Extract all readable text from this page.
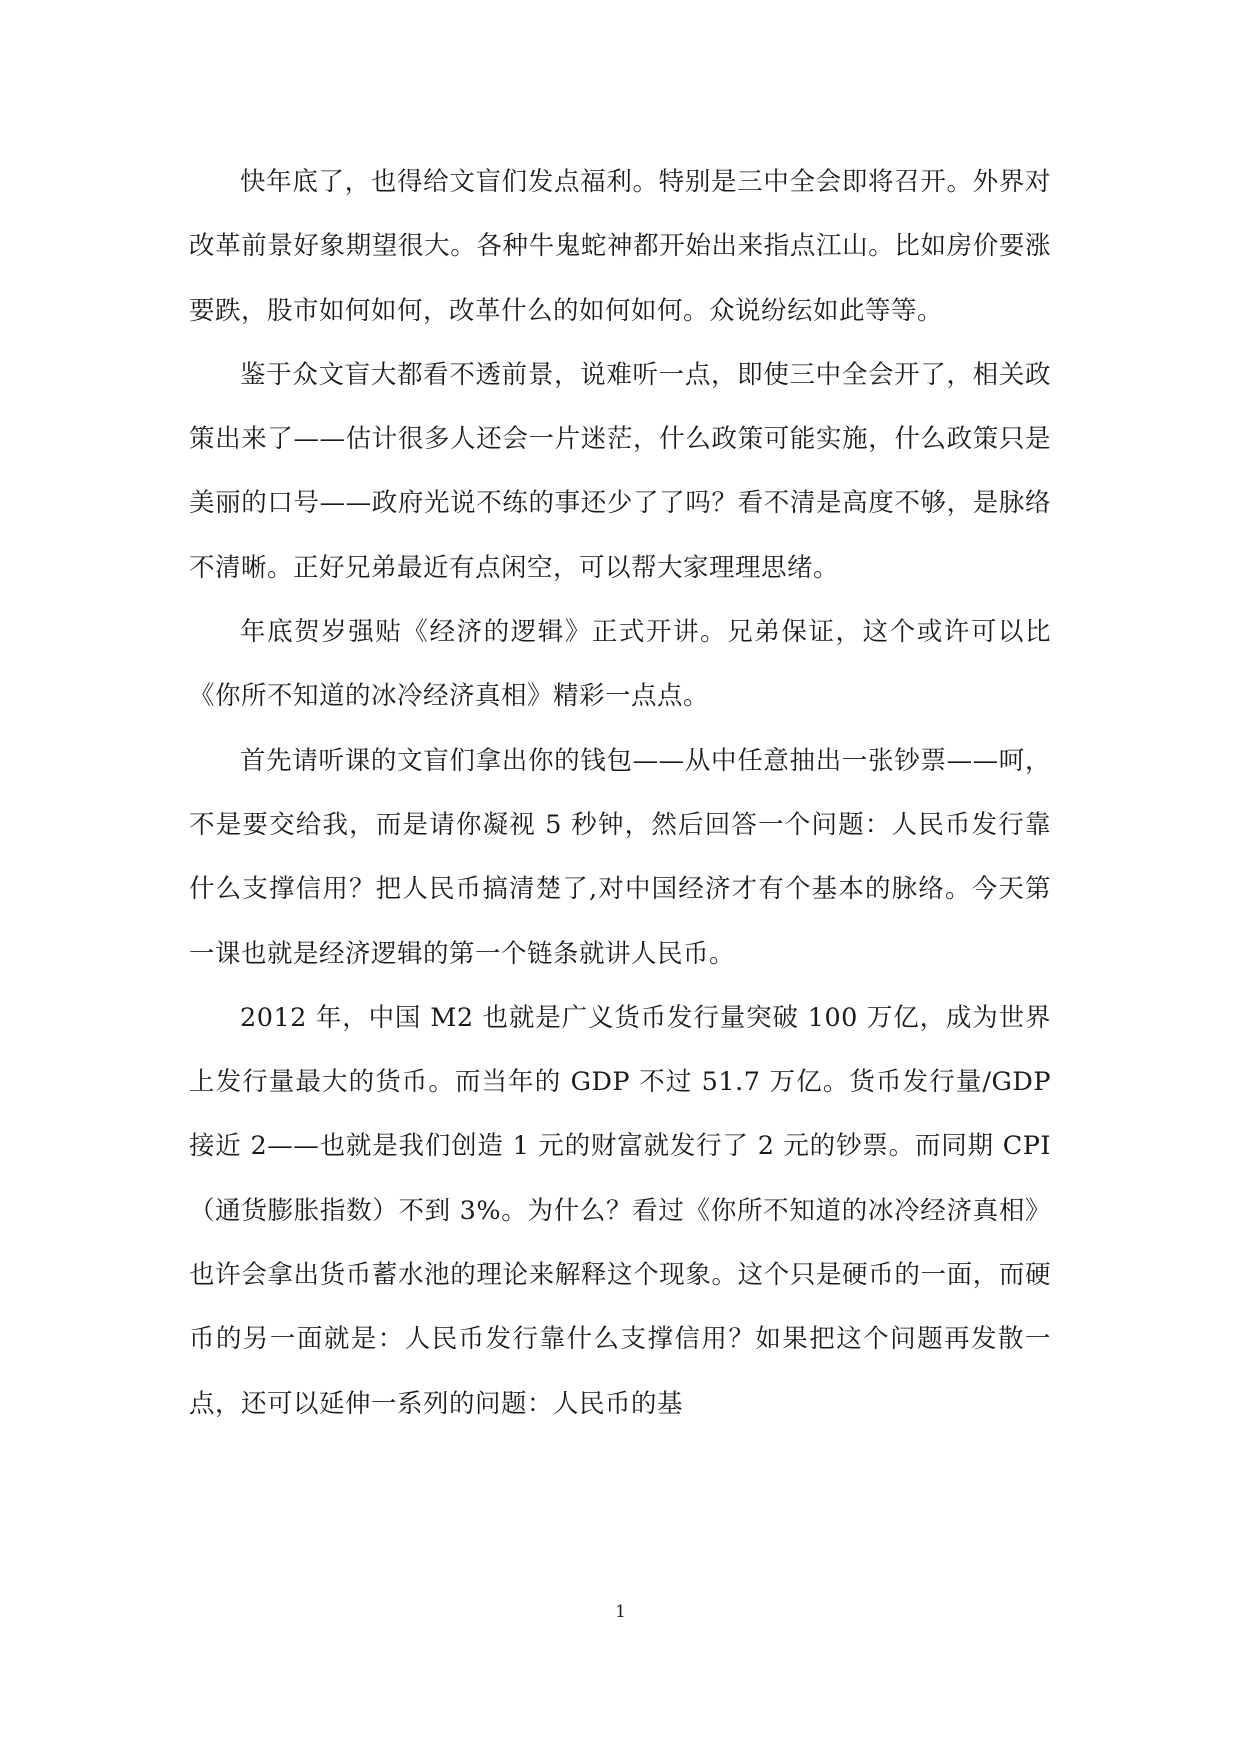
快年底了，也得给文盲们发点福利。特别是三中全会即将召开。外界对改革前景好象期望很大。各种牛鬼蛇神都开始出来指点江山。比如房价要涨要跌，股市如何如何，改革什么的如何如何。众说纷纭如此等等。

鉴于众文盲大都看不透前景，说难听一点，即使三中全会开了，相关政策出来了——估计很多人还会一片迷茫，什么政策可能实施，什么政策只是美丽的口号——政府光说不练的事还少了了吗？看不清是高度不够，是脉络不清晰。正好兄弟最近有点闲空，可以帮大家理理思绪。

年底贺岁强贴《经济的逻辑》正式开讲。兄弟保证，这个或许可以比《你所不知道的冰冷经济真相》精彩一点点。

首先请听课的文盲们拿出你的钱包——从中任意抽出一张钞票——呵，不是要交给我，而是请你凝视 5 秒钟，然后回答一个问题：人民币发行靠什么支撑信用？把人民币搞清楚了,对中国经济才有个基本的脉络。今天第一课也就是经济逻辑的第一个链条就讲人民币。

2012 年，中国 M2 也就是广义货币发行量突破 100 万亿，成为世界上发行量最大的货币。而当年的 GDP 不过 51.7 万亿。货币发行量/GDP 接近 2——也就是我们创造 1 元的财富就发行了 2 元的钞票。而同期 CPI（通货膨胀指数）不到 3%。为什么？看过《你所不知道的冰冷经济真相》也许会拿出货币蓄水池的理论来解释这个现象。这个只是硬币的一面，而硬币的另一面就是：人民币发行靠什么支撑信用？如果把这个问题再发散一点，还可以延伸一系列的问题：人民币的基

1
